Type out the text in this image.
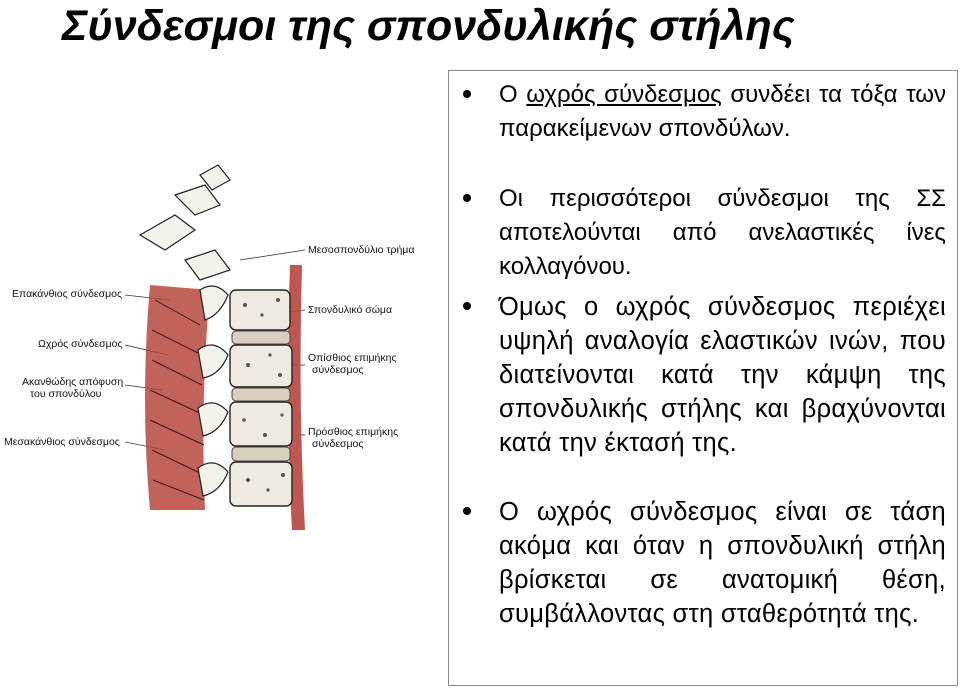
Σύνδεσμοι της σπονδυλικής στήλης
Επακάνθιος σύνδεσμος
Ωχρός σύνδεσμος
Ακανθώδης απόφυση
του σπονδύλου
Μεσακάνθιος σύνδεσμος
Μεσοσπονδύλιο τρήμα
Σπονδυλικό σώμα
Οπίσθιος επιμήκης
σύνδεσμος
Πρόσθιος επιμήκης
σύνδεσμος
Ο ωχρός σύνδεσμος συνδέει τα τόξα των παρακείμενων σπονδύλων.
Οι περισσότεροι σύνδεσμοι της ΣΣ αποτελούνται από ανελαστικές ίνες κολλαγόνου.
Όμως ο ωχρός σύνδεσμος περιέχει υψηλή αναλογία ελαστικών ινών, που διατείνονται κατά την κάμψη της σπονδυλικής στήλης και βραχύνονται κατά την έκτασή της.
Ο ωχρός σύνδεσμος είναι σε τάση ακόμα και όταν η σπονδυλική στήλη βρίσκεται σε ανατομική θέση, συμβάλλοντας στη σταθερότητά της.
